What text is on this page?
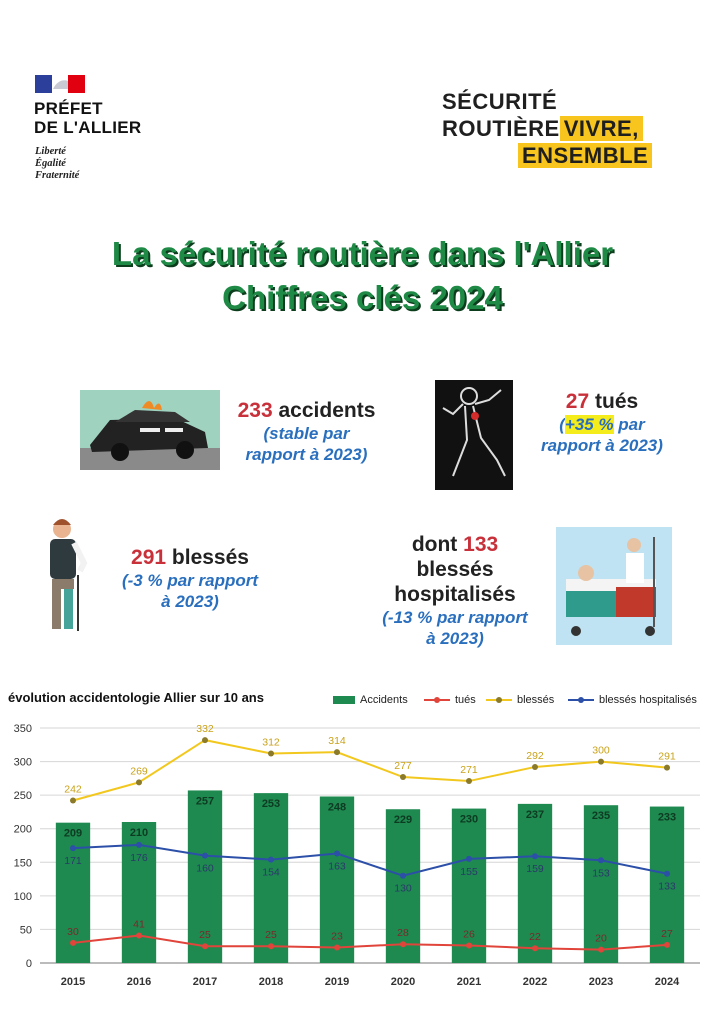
PRÉFET
DE L'ALLIER
Liberté
Égalité
Fraternité
SÉCURITÉ
ROUTIÈRE VIVRE,
ENSEMBLE
La sécurité routière dans l'Allier
Chiffres clés 2024
233 accidents
(stable par
rapport à 2023)
27 tués
(+35 % par
rapport à 2023)
291 blessés
(-3 % par rapport
à 2023)
dont 133
blessés
hospitalisés
(-13 % par rapport
à 2023)
évolution accidentologie Allier sur 10 ans	Accidents	tués	blessés	blessés hospitalisés
0
50
100
150
200
250
300
350
209	210
257	253	248
229	230	237	235	233
2015	2016	2017	2018	2019	2020	2021	2022	2023	2024
30
41
25	25	23	28	26	22	20	27
242
269
332
312	314
277	271
292	300
291
171	176
160	154
163
130
155	159	153
133
